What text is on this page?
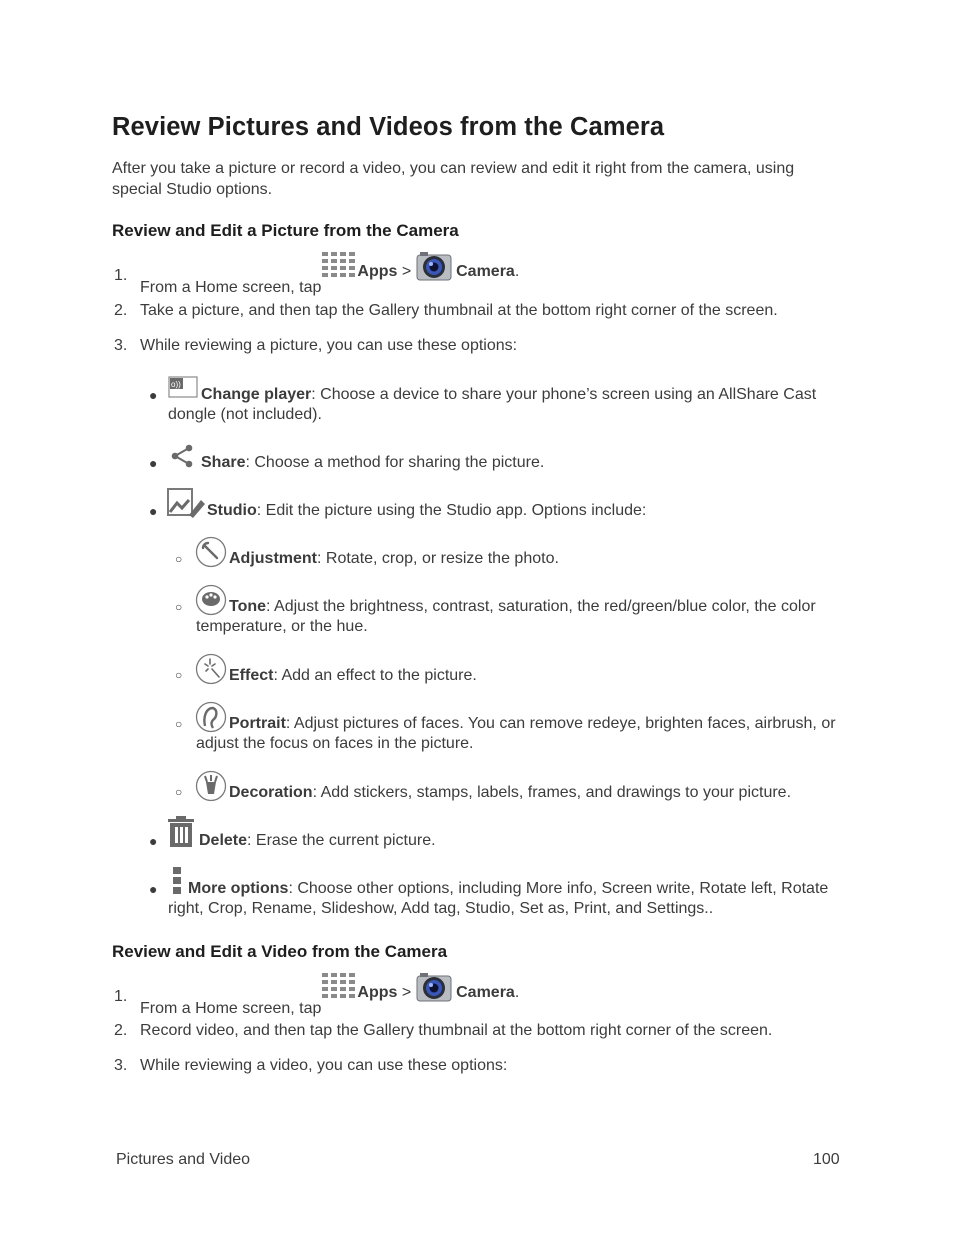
Review Pictures and Videos from the Camera
After you take a picture or record a video, you can review and edit it right from the camera, using special Studio options.
Review and Edit a Picture from the Camera
1.
From a Home screen, tapApps >	Camera.
2. Take a picture, and then tap the Gallery thumbnail at the bottom right corner of the screen.
3. While reviewing a picture, you can use these options:
●
o))
Change player: Choose a device to share your phone’s screen using an AllShare Cast dongle (not included).
●	Share: Choose a method for sharing the picture.
●	Studio: Edit the picture using the Studio app. Options include:
○	Adjustment: Rotate, crop, or resize the photo.
○	Tone: Adjust the brightness, contrast, saturation, the red/green/blue color, the color temperature, or the hue.
○	Effect: Add an effect to the picture.
○	Portrait: Adjust pictures of faces. You can remove redeye, brighten faces, airbrush, or adjust the focus on faces in the picture.
○	Decoration: Add stickers, stamps, labels, frames, and drawings to your picture.
●	Delete: Erase the current picture.
●	More options: Choose other options, including More info, Screen write, Rotate left, Rotate right, Crop, Rename, Slideshow, Add tag, Studio, Set as, Print, and Settings..
Review and Edit a Video from the Camera
1.
From a Home screen, tapApps >	Camera.
2. Record video, and then tap the Gallery thumbnail at the bottom right corner of the screen.
3. While reviewing a video, you can use these options:
Pictures and Video	100
